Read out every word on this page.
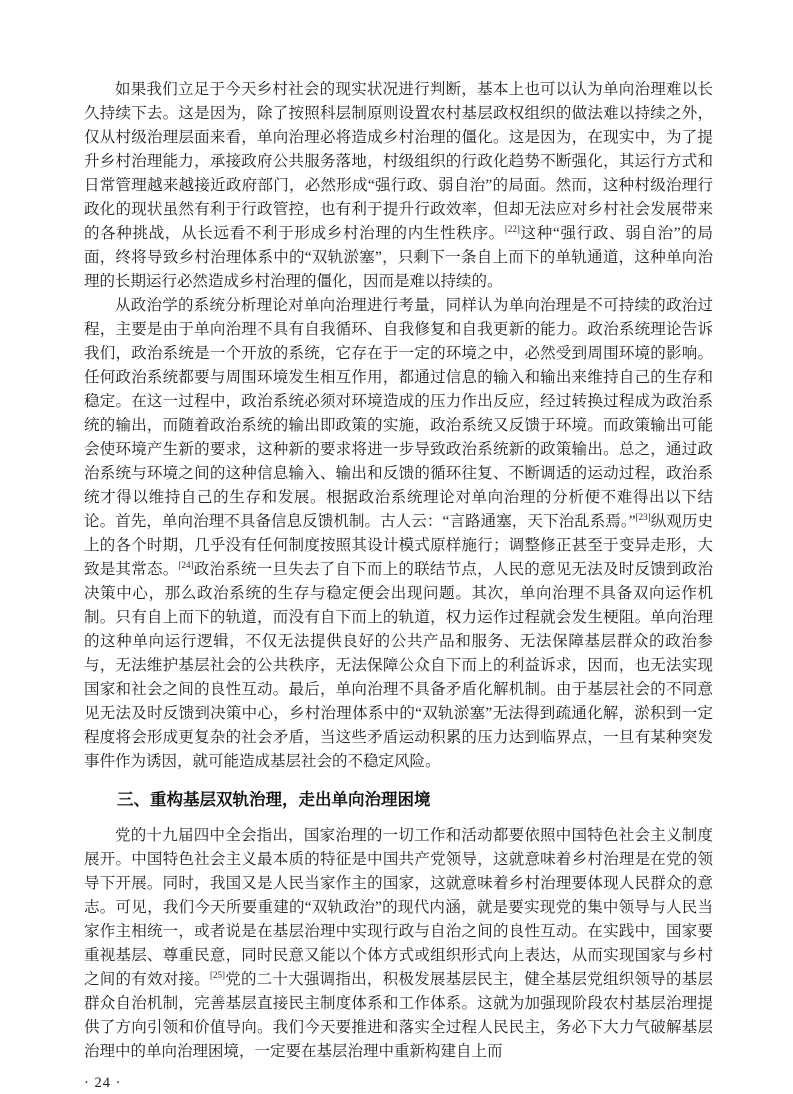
如果我们立足于今天乡村社会的现实状况进行判断，基本上也可以认为单向治理难以长久持续下去。这是因为，除了按照科层制原则设置农村基层政权组织的做法难以持续之外，仅从村级治理层面来看，单向治理必将造成乡村治理的僵化。这是因为，在现实中，为了提升乡村治理能力，承接政府公共服务落地，村级组织的行政化趋势不断强化，其运行方式和日常管理越来越接近政府部门，必然形成“强行政、弱自治”的局面。然而，这种村级治理行政化的现状虽然有利于行政管控，也有利于提升行政效率，但却无法应对乡村社会发展带来的各种挑战，从长远看不利于形成乡村治理的内生性秩序。[22]这种“强行政、弱自治”的局面，终将导致乡村治理体系中的“双轨淤塞”，只剩下一条自上而下的单轨通道，这种单向治理的长期运行必然造成乡村治理的僵化，因而是难以持续的。

从政治学的系统分析理论对单向治理进行考量，同样认为单向治理是不可持续的政治过程，主要是由于单向治理不具有自我循环、自我修复和自我更新的能力。政治系统理论告诉我们，政治系统是一个开放的系统，它存在于一定的环境之中，必然受到周围环境的影响。任何政治系统都要与周围环境发生相互作用，都通过信息的输入和输出来维持自己的生存和稳定。在这一过程中，政治系统必须对环境造成的压力作出反应，经过转换过程成为政治系统的输出，而随着政治系统的输出即政策的实施，政治系统又反馈于环境。而政策输出可能会使环境产生新的要求，这种新的要求将进一步导致政治系统新的政策输出。总之，通过政治系统与环境之间的这种信息输入、输出和反馈的循环往复、不断调适的运动过程，政治系统才得以维持自己的生存和发展。根据政治系统理论对单向治理的分析便不难得出以下结论。首先，单向治理不具备信息反馈机制。古人云：“言路通塞，天下治乱系焉。”[23]纵观历史上的各个时期，几乎没有任何制度按照其设计模式原样施行；调整修正甚至于变异走形，大致是其常态。[24]政治系统一旦失去了自下而上的联结节点，人民的意见无法及时反馈到政治决策中心，那么政治系统的生存与稳定便会出现问题。其次，单向治理不具备双向运作机制。只有自上而下的轨道，而没有自下而上的轨道，权力运作过程就会发生梗阻。单向治理的这种单向运行逻辑，不仅无法提供良好的公共产品和服务、无法保障基层群众的政治参与，无法维护基层社会的公共秩序，无法保障公众自下而上的利益诉求，因而，也无法实现国家和社会之间的良性互动。最后，单向治理不具备矛盾化解机制。由于基层社会的不同意见无法及时反馈到决策中心，乡村治理体系中的“双轨淤塞”无法得到疏通化解，淤积到一定程度将会形成更复杂的社会矛盾，当这些矛盾运动积累的压力达到临界点，一旦有某种突发事件作为诱因，就可能造成基层社会的不稳定风险。

三、重构基层双轨治理，走出单向治理困境

党的十九届四中全会指出，国家治理的一切工作和活动都要依照中国特色社会主义制度展开。中国特色社会主义最本质的特征是中国共产党领导，这就意味着乡村治理是在党的领导下开展。同时，我国又是人民当家作主的国家，这就意味着乡村治理要体现人民群众的意志。可见，我们今天所要重建的“双轨政治”的现代内涵，就是要实现党的集中领导与人民当家作主相统一，或者说是在基层治理中实现行政与自治之间的良性互动。在实践中，国家要重视基层、尊重民意，同时民意又能以个体方式或组织形式向上表达，从而实现国家与乡村之间的有效对接。[25]党的二十大强调指出，积极发展基层民主，健全基层党组织领导的基层群众自治机制，完善基层直接民主制度体系和工作体系。这就为加强现阶段农村基层治理提供了方向引领和价值导向。我们今天要推进和落实全过程人民民主，务必下大力气破解基层治理中的单向治理困境，一定要在基层治理中重新构建自上而

· 24 ·
